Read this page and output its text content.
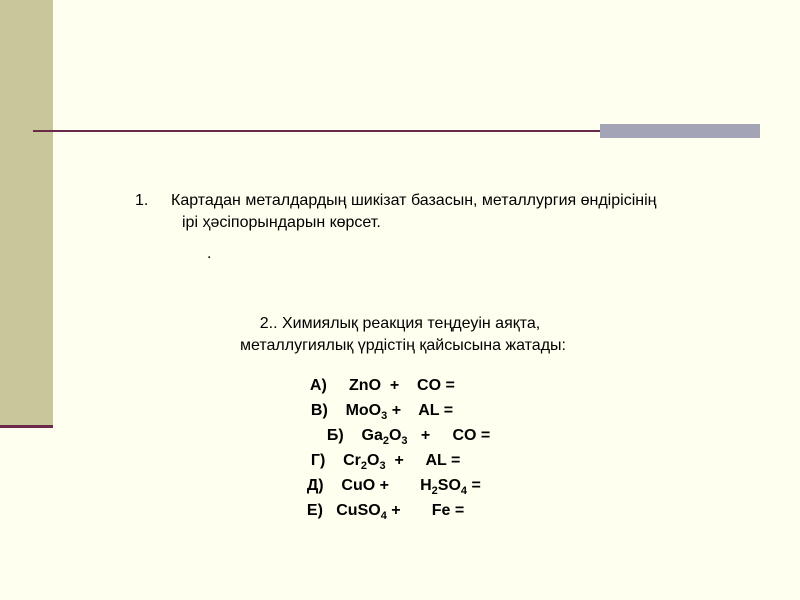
1. Картадан металдардың шикізат базасын, металлургия өндірісінің
ірі ҳәсіпорындарын көрсет.
.
2.. Химиялық реакция теңдеуін аяқта,
металлугиялық үрдістің қайсысына жатады:

А) ZnO + CO =

В) MoO$_3$ + AL =

Б) $Ga_2O_3$ + CO =

Г) $Cr_2O_3$ + AL =

Д) CuO + $H_2SO_4$ =

Е) CuSO$_4$ + Fe =
